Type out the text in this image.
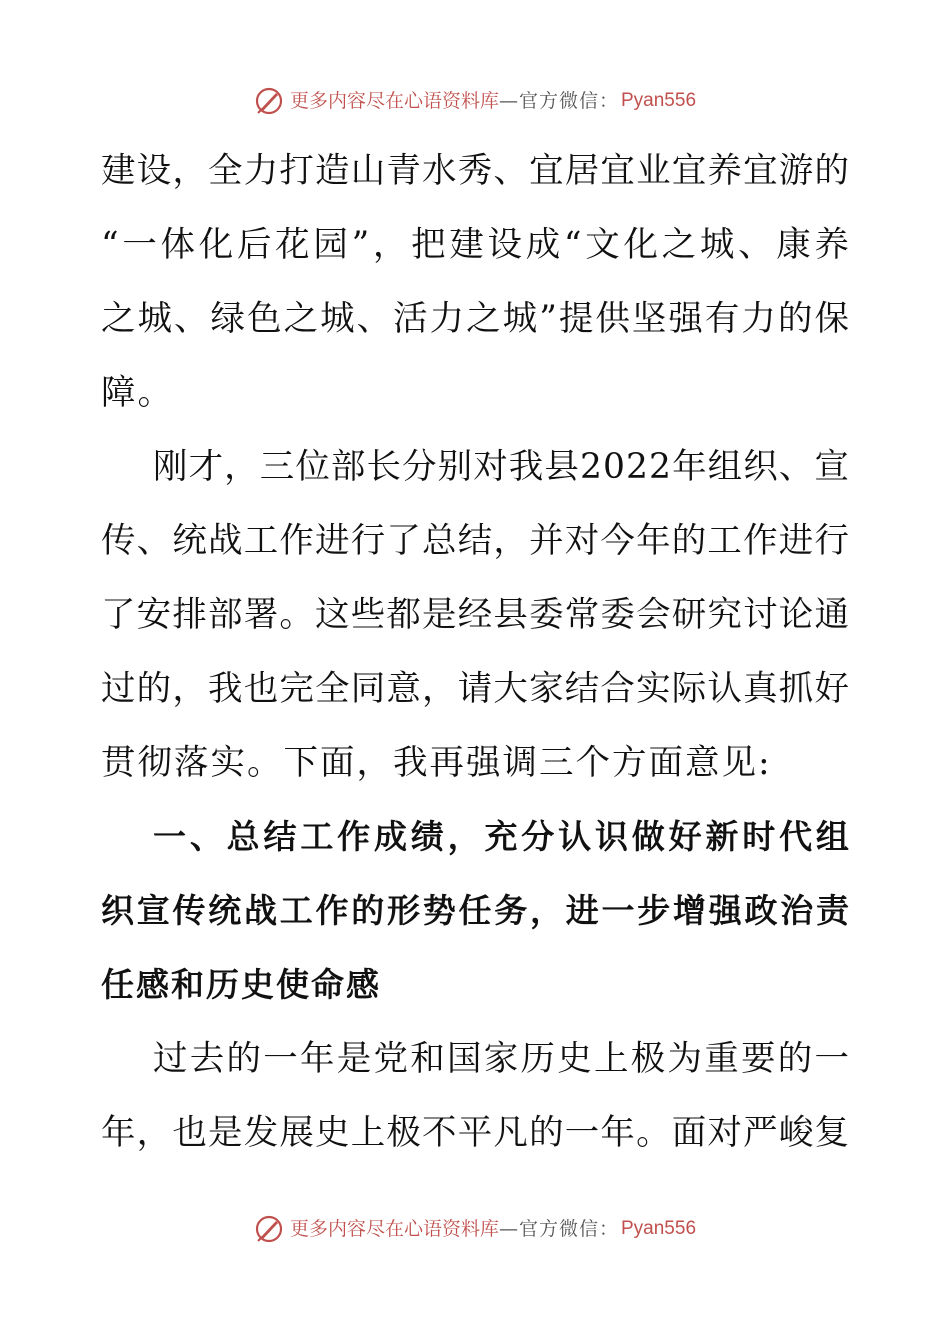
更多内容尽在心语资料库 —官方微信： Pyan556
建 设 ， 全 力 打 造 山 青 水 秀 、 宜 居 宜 业 宜 养 宜 游 的
“ 一 体 化 后 花 园 ” ， 把 建 设 成 “ 文 化 之 城 、 康 养
之 城 、 绿 色 之 城 、 活 力 之 城 ” 提 供 坚 强 有 力 的 保
障。
刚 才 ， 三 位 部 长 分 别 对 我 县 2 0 2 2 年 组 织 、 宣
传 、 统 战 工 作 进 行 了 总 结 ， 并 对 今 年 的 工 作 进 行
了 安 排 部 署 。 这 些 都 是 经 县 委 常 委 会 研 究 讨 论 通
过 的 ， 我 也 完 全 同 意 ， 请 大 家 结 合 实 际 认 真 抓 好
贯彻落实。下面，我再强调三个方面意见:
一 、 总 结 工 作 成 绩 ， 充 分 认 识 做 好 新 时 代 组
织 宣 传 统 战 工 作 的 形 势 任 务 ， 进 一 步 增 强 政 治 责
任感和历史使命感
过 去 的 一 年 是 党 和 国 家 历 史 上 极 为 重 要 的 一
年 ， 也 是 发 展 史 上 极 不 平 凡 的 一 年 。 面 对 严 峻 复
更多内容尽在心语资料库 —官方微信： Pyan556
